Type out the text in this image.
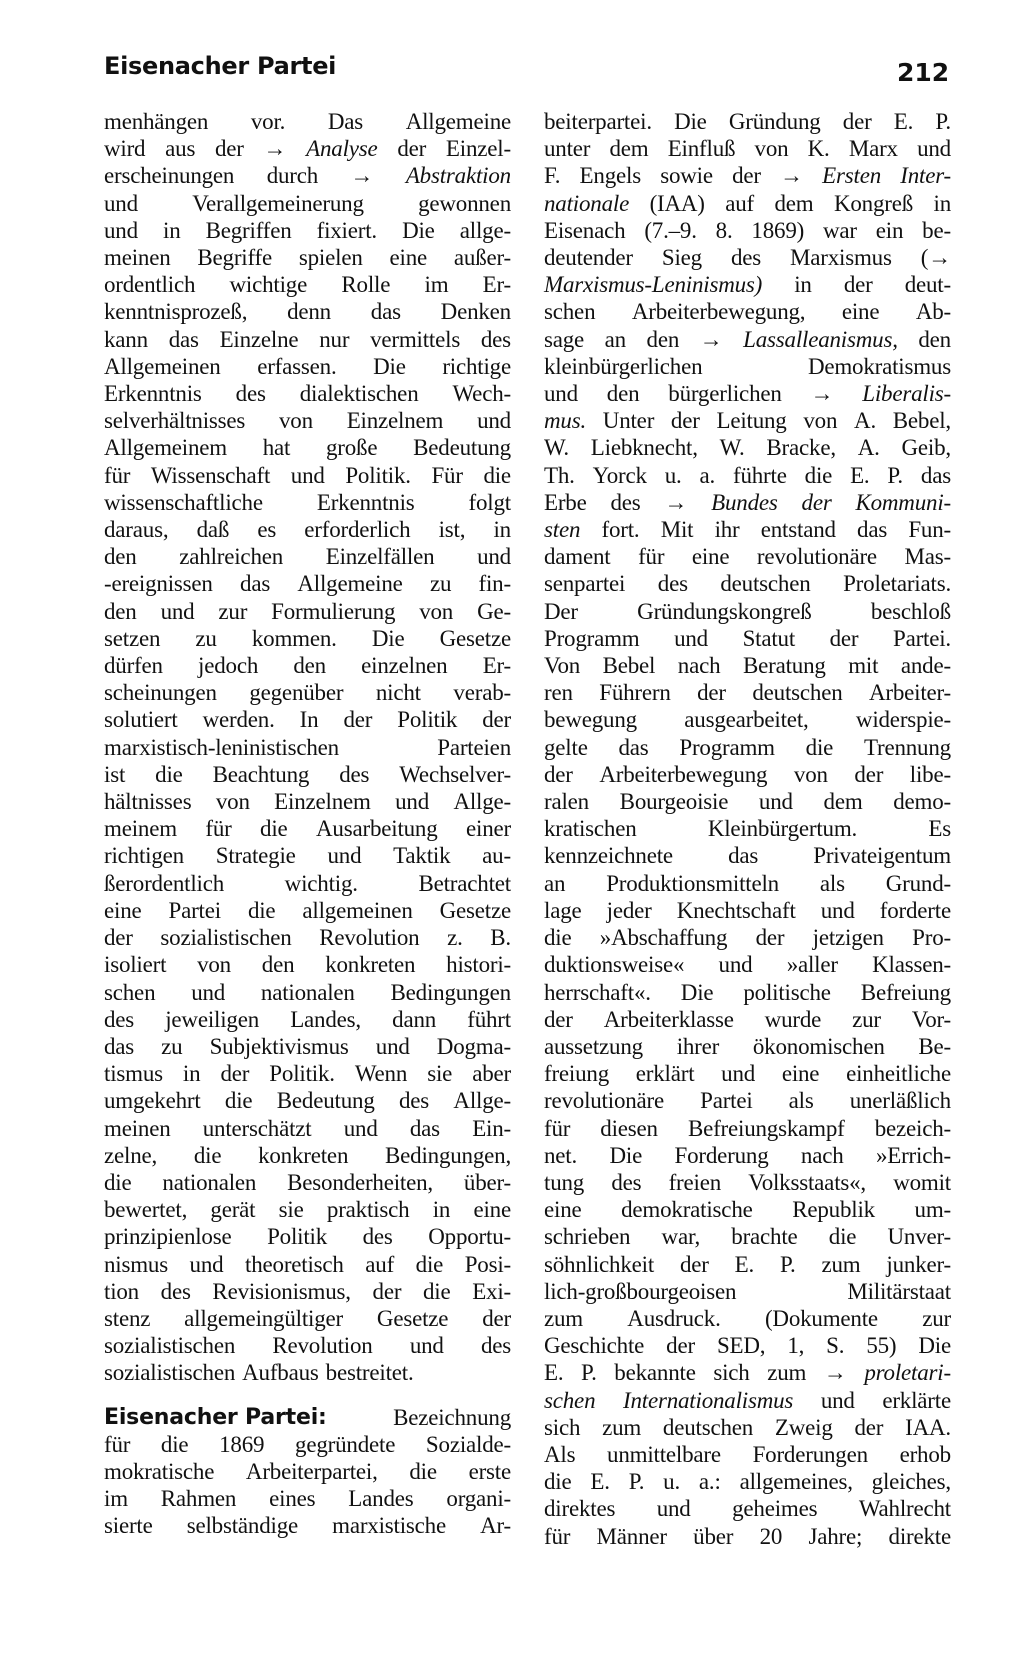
Eisenacher Partei	212
menhängen vor. Das Allgemeine
wird aus der → Analyse der Einzel-
erscheinungen durch → Abstraktion
und Verallgemeinerung gewonnen
und in Begriffen fixiert. Die allge-
meinen Begriffe spielen eine außer-
ordentlich wichtige Rolle im Er-
kenntnisprozeß, denn das Denken
kann das Einzelne nur vermittels des
Allgemeinen erfassen. Die richtige
Erkenntnis des dialektischen Wech-
selverhältnisses von Einzelnem und
Allgemeinem hat große Bedeutung
für Wissenschaft und Politik. Für die
wissenschaftliche Erkenntnis folgt
daraus, daß es erforderlich ist, in
den zahlreichen Einzelfällen und
-ereignissen das Allgemeine zu fin-
den und zur Formulierung von Ge-
setzen zu kommen. Die Gesetze
dürfen jedoch den einzelnen Er-
scheinungen gegenüber nicht verab-
solutiert werden. In der Politik der
marxistisch-leninistischen	Parteien
ist die Beachtung des Wechselver-
hältnisses von Einzelnem und Allge-
meinem für die Ausarbeitung einer
richtigen Strategie und Taktik au-
ßerordentlich	wichtig.	Betrachtet
eine Partei die allgemeinen Gesetze
der sozialistischen Revolution z. B.
isoliert von den konkreten histori-
schen und nationalen Bedingungen
des jeweiligen Landes, dann führt
das zu Subjektivismus und Dogma-
tismus in der Politik. Wenn sie aber
umgekehrt die Bedeutung des Allge-
meinen unterschätzt und das Ein-
zelne, die konkreten Bedingungen,
die nationalen Besonderheiten, über-
bewertet, gerät sie praktisch in eine
prinzipienlose Politik des Opportu-
nismus und theoretisch auf die Posi-
tion des Revisionismus, der die Exi-
stenz allgemeingültiger Gesetze der
sozialistischen Revolution und des
sozialistischen Aufbaus bestreitet.
Eisenacher Partei:	Bezeichnung
für die 1869 gegründete Sozialde-
mokratische Arbeiterpartei, die erste
im Rahmen eines Landes organi-
sierte selbständige marxistische Ar-
beiterpartei. Die Gründung der E. P.
unter dem Einfluß von K. Marx und
F. Engels sowie der → Ersten Inter-
nationale (IAA) auf dem Kongreß in
Eisenach (7.–9. 8. 1869) war ein be-
deutender Sieg des Marxismus (→
Marxismus-Leninismus) in der deut-
schen Arbeiterbewegung, eine Ab-
sage an den → Lassalleanismus, den
kleinbürgerlichen	Demokratismus
und den bürgerlichen → Liberalis-
mus. Unter der Leitung von A. Bebel,
W. Liebknecht, W. Bracke, A. Geib,
Th. Yorck u. a. führte die E. P. das
Erbe des → Bundes der Kommuni-
sten fort. Mit ihr entstand das Fun-
dament für eine revolutionäre Mas-
senpartei des deutschen Proletariats.
Der	Gründungskongreß	beschloß
Programm und Statut der Partei.
Von Bebel nach Beratung mit ande-
ren Führern der deutschen Arbeiter-
bewegung ausgearbeitet, widerspie-
gelte das Programm die Trennung
der Arbeiterbewegung von der libe-
ralen Bourgeoisie und dem demo-
kratischen	Kleinbürgertum.	Es
kennzeichnete das Privateigentum
an Produktionsmitteln als Grund-
lage jeder Knechtschaft und forderte
die »Abschaffung der jetzigen Pro-
duktionsweise« und »aller Klassen-
herrschaft«. Die politische Befreiung
der Arbeiterklasse wurde zur Vor-
aussetzung ihrer ökonomischen Be-
freiung erklärt und eine einheitliche
revolutionäre Partei als unerläßlich
für diesen Befreiungskampf bezeich-
net. Die Forderung nach »Errich-
tung des freien Volksstaats«, womit
eine demokratische Republik um-
schrieben war, brachte die Unver-
söhnlichkeit der E. P. zum junker-
lich-großbourgeoisen	Militärstaat
zum Ausdruck. (Dokumente zur
Geschichte der SED, 1, S. 55) Die
E. P. bekannte sich zum → proletari-
schen Internationalismus und erklärte
sich zum deutschen Zweig der IAA.
Als unmittelbare Forderungen erhob
die E. P. u. a.: allgemeines, gleiches,
direktes und geheimes Wahlrecht
für Männer über 20 Jahre; direkte
